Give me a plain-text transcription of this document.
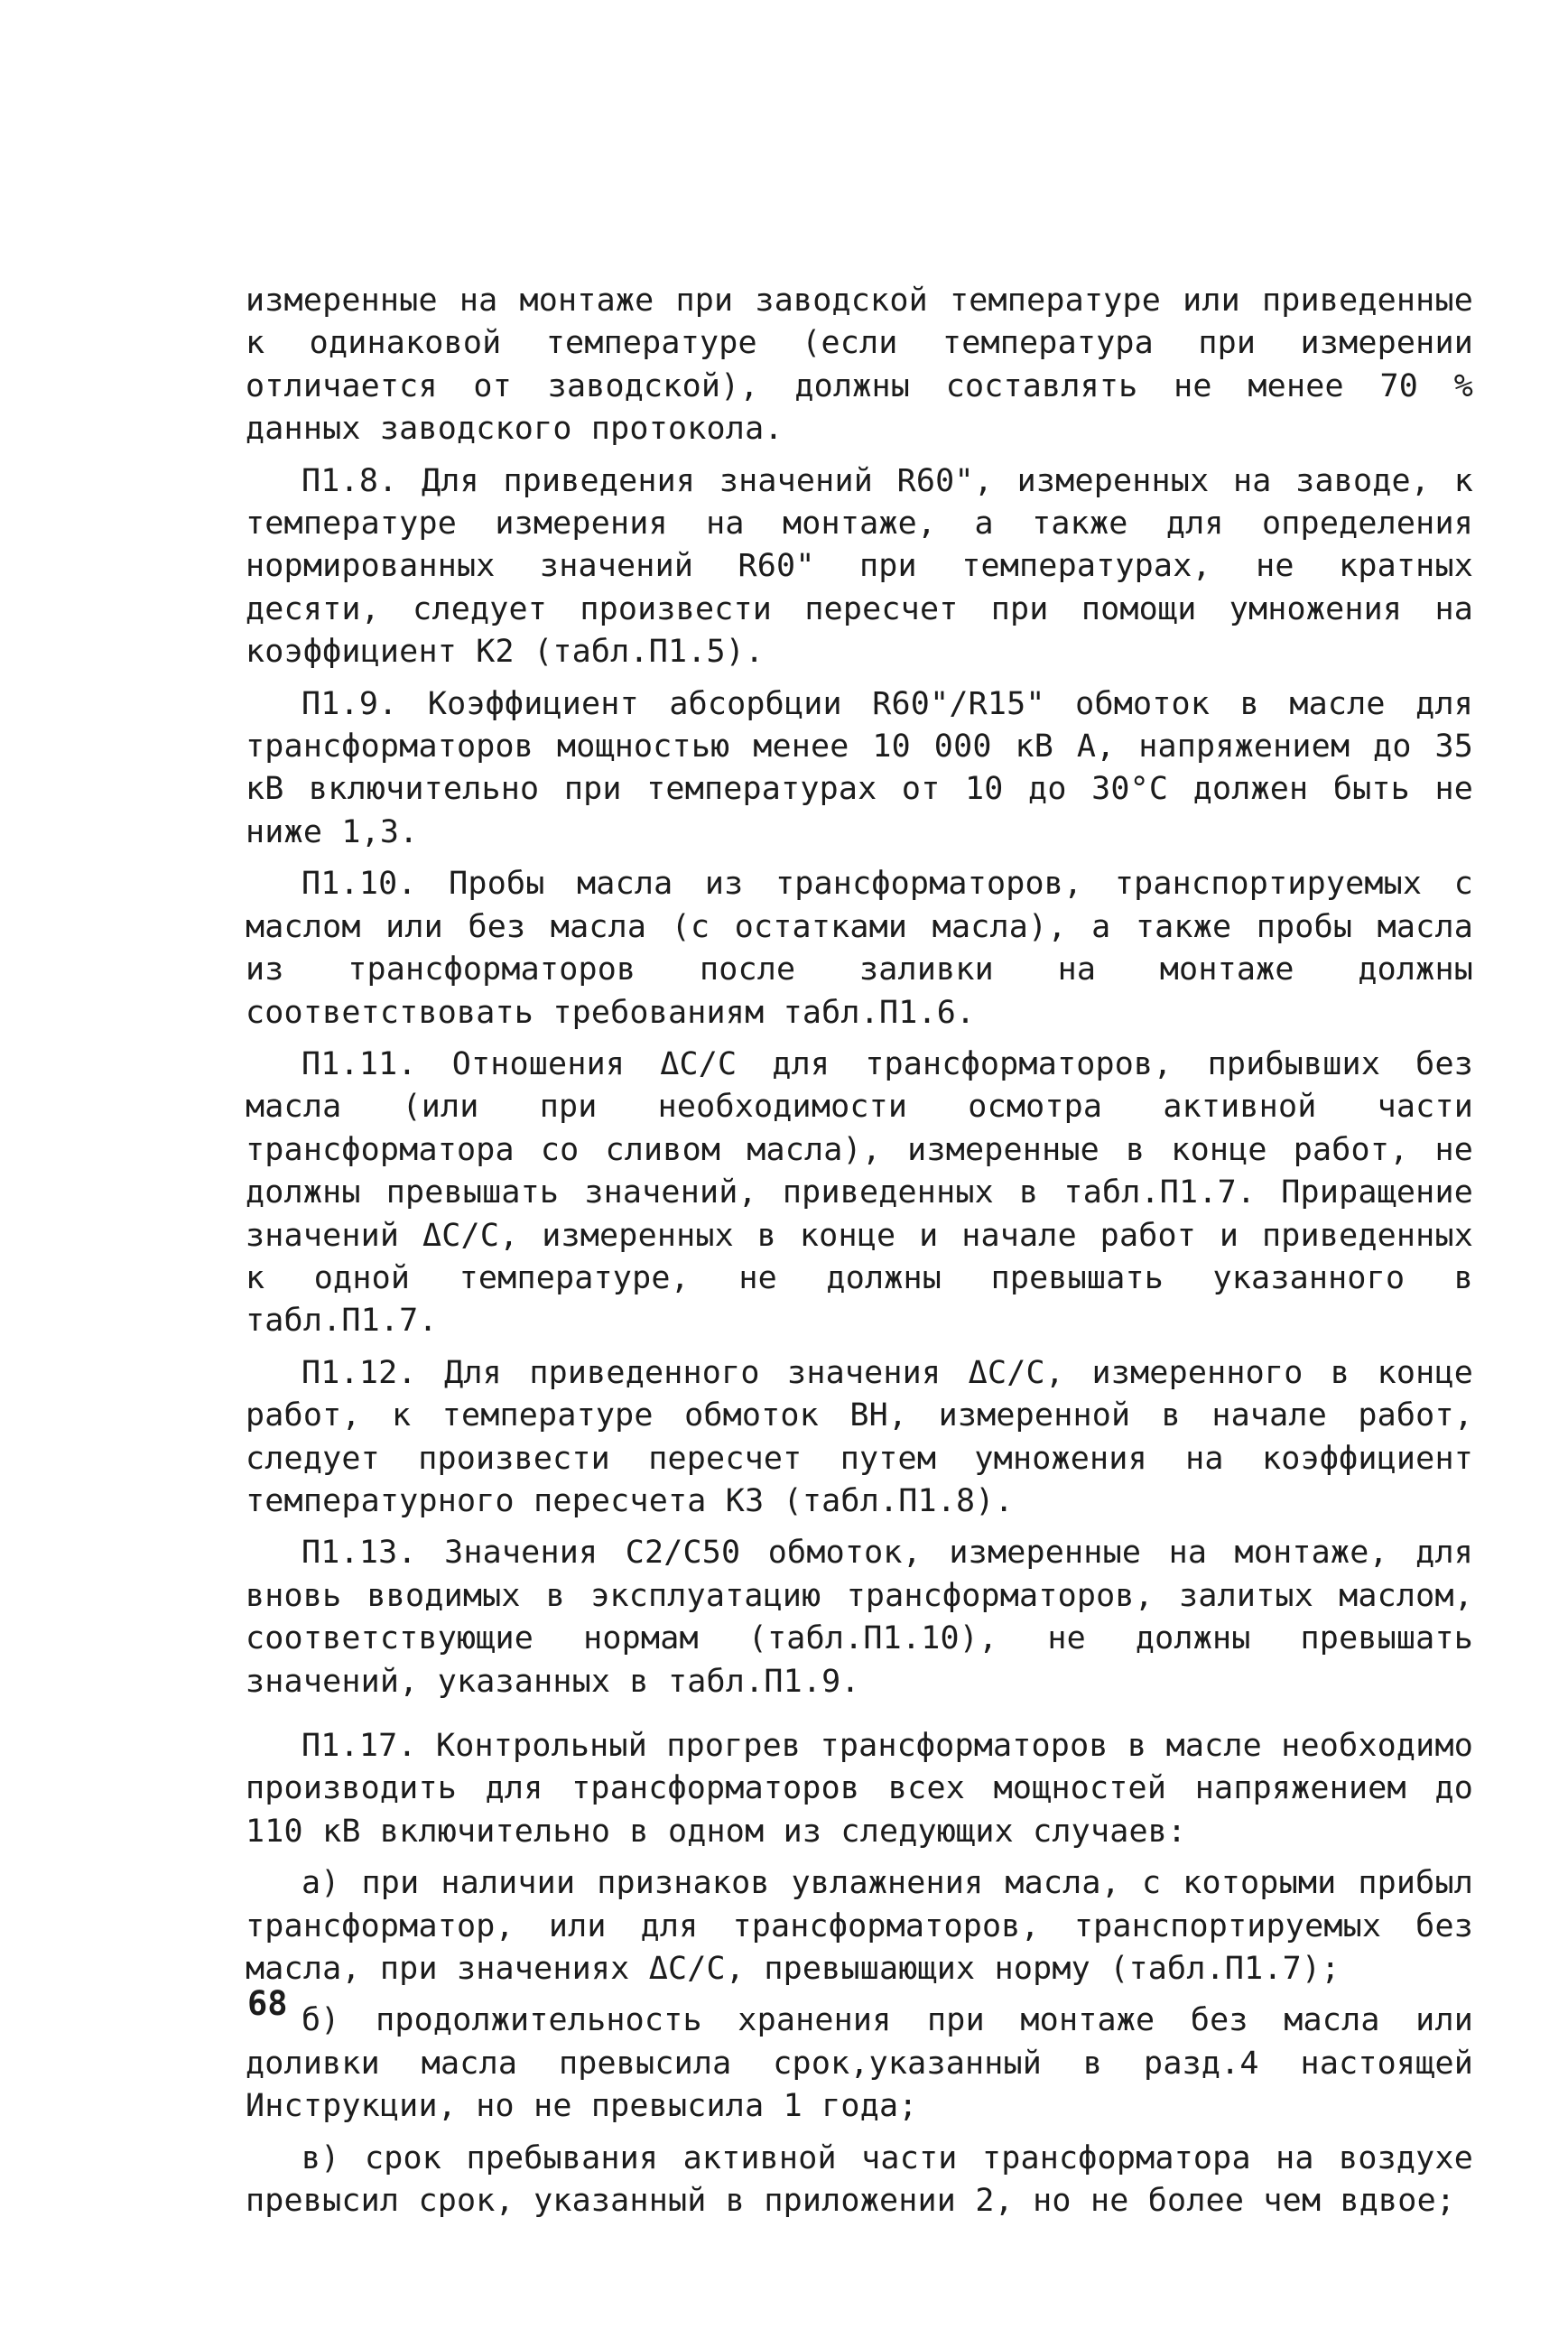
измеренные на монтаже при заводской температуре или приведенные к одинаковой температуре (если температура при измерении отличается от заводской), должны составлять не менее 70 % данных заводского протокола.

П1.8. Для приведения значений R60", измеренных на заводе, к температуре измерения на монтаже, а также для определения нормированных значений R60" при температурах, не кратных десяти, следует произвести пересчет при помощи умножения на коэффициент K2 (табл.П1.5).

П1.9. Коэффициент абсорбции R60"/R15" обмоток в масле для трансформаторов мощностью менее 10 000 кВ А, напряжением до 35 кВ включительно при температурах от 10 до 30°С должен быть не ниже 1,3.

П1.10. Пробы масла из трансформаторов, транспортируемых с маслом или без масла (с остатками масла), а также пробы масла из трансформаторов после заливки на монтаже должны соответствовать требованиям табл.П1.6.

П1.11. Отношения ΔС/С для трансформаторов, прибывших без масла (или при необходимости осмотра активной части трансформатора со сливом масла), измеренные в конце работ, не должны превышать значений, приведенных в табл.П1.7. Приращение значений ΔС/С, измеренных в конце и начале работ и приведенных к одной температуре, не должны превышать указанного в табл.П1.7.

П1.12. Для приведенного значения ΔС/С, измеренного в конце работ, к температуре обмоток ВН, измеренной в начале работ, следует произвести пересчет путем умножения на коэффициент температурного пересчета K3 (табл.П1.8).

П1.13. Значения С2/С50 обмоток, измеренные на монтаже, для вновь вводимых в эксплуатацию трансформаторов, залитых маслом, соответствующие нормам (табл.П1.10), не должны превышать значений, указанных в табл.П1.9.

П1.17. Контрольный прогрев трансформаторов в масле необходимо производить для трансформаторов всех мощностей напряжением до 110 кВ включительно в одном из следующих случаев:

а) при наличии признаков увлажнения масла, с которыми прибыл трансформатор, или для трансформаторов, транспортируемых без масла, при значениях ΔС/С, превышающих норму (табл.П1.7);

б) продолжительность хранения при монтаже без масла или доливки масла превысила срок,указанный в разд.4 настоящей Инструкции, но не превысила 1 года;

в) срок пребывания активной части трансформатора на воздухе превысил срок, указанный в приложении 2, но не более чем вдвое;

68
